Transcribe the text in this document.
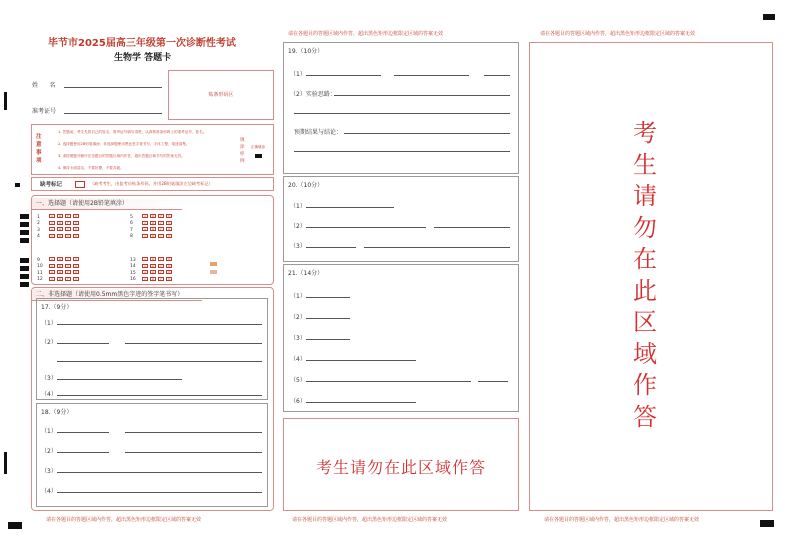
毕节市2025届高三年级第一次诊断性考试
生物学 答题卡
姓      名
准考证号
贴条形码区
注意事项
1. 答题前，考生先将自己的姓名、准考证号填写清楚，认真核准条形码上的准考证号、姓名。
2. 选择题使用2B铅笔填涂；非选择题使用黑色签字笔书写，字体工整、笔迹清楚。
3. 请按照题号顺序在各题目的答题区域内作答，超出答题区域书写的答案无效。
4. 保持卡面清洁，不要折叠、不要弄破。
填涂样例
正确填涂
缺考标记	（缺考考生，由监考员贴条形码，并用2B铅笔填涂左边缺考标记）
一、选择题（请使用2B铅笔填涂）
1	A B C D
2	A B C D
3	A B C D
4	A B C D
5	A B C D
6	A B C D
7	A B C D
8	A B C D
9	A B C D
10 A B C D
11 A B C D
12 A B C D
13 A B C D
14 A B C D
15 A B C D
16 A B C D
二、非选择题（请使用0.5mm黑色字迹的签字笔书写）
17.（9分）
（1）
（2）
（3）
（4）
18.（9分）
（1）
（2）
（3）
（4）
请在各题目的答题区域内作答，超出黑色矩形边框限定区域的答案无效
请在各题目的答题区域内作答，超出黑色矩形边框限定区域的答案无效
19.（10分）
（1）
（2）实验思路：
预期结果与结论：
20.（10分）
（1）
（2）
（3）
21.（14分）
（1）
（2）
（3）
（4）
（5）
（6）
考生请勿在此区域作答
请在各题目的答题区域内作答，超出黑色矩形边框限定区域的答案无效
请在各题目的答题区域内作答，超出黑色矩形边框限定区域的答案无效
考
生
请
勿
在
此
区
域
作
答
请在各题目的答题区域内作答，超出黑色矩形边框限定区域的答案无效
